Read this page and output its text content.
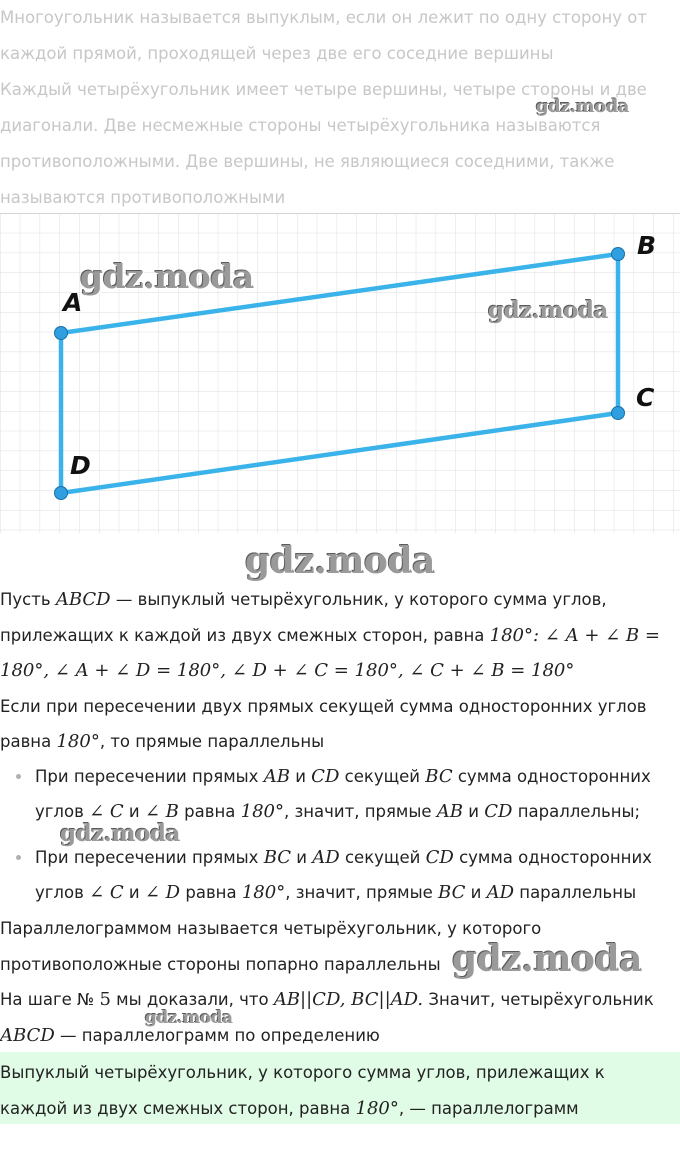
Многоугольник называется выпуклым, если он лежит по одну сторону от
каждой прямой, проходящей через две его соседние вершины
Каждый четырёхугольник имеет четыре вершины, четыре стороны и две
диагонали. Две несмежные стороны четырёхугольника называются
противоположными. Две вершины, не являющиеся соседними, также
называются противоположными
gdz.moda
A
B
C
D
gdz.moda
gdz.moda
gdz.moda
Пусть ABCD — выпуклый четырёхугольник, у которого сумма углов,
прилежащих к каждой из двух смежных сторон, равна 180°: ∠ A + ∠ B =
180°, ∠ A + ∠ D = 180°, ∠ D + ∠ C = 180°, ∠ C + ∠ B = 180°
Если при пересечении двух прямых секущей сумма односторонних углов
равна 180°, то прямые параллельны
При пересечении прямых AB и CD секущей BC сумма односторонних
углов ∠ C и ∠ B равна 180°, значит, прямые AB и CD параллельны;
gdz.moda
При пересечении прямых BC и AD секущей CD сумма односторонних
углов ∠ C и ∠ D равна 180°, значит, прямые BC и AD параллельны
Параллелограммом называется четырёхугольник, у которого
противоположные стороны попарно параллельны gdz.moda
На шаге № 5 мы доказали, что AB||CD, BC||AD. Значит, четырёхугольник
ABCD — параллелограмм по определению
gdz.moda
Выпуклый четырёхугольник, у которого сумма углов, прилежащих к
каждой из двух смежных сторон, равна 180°, — параллелограмм
